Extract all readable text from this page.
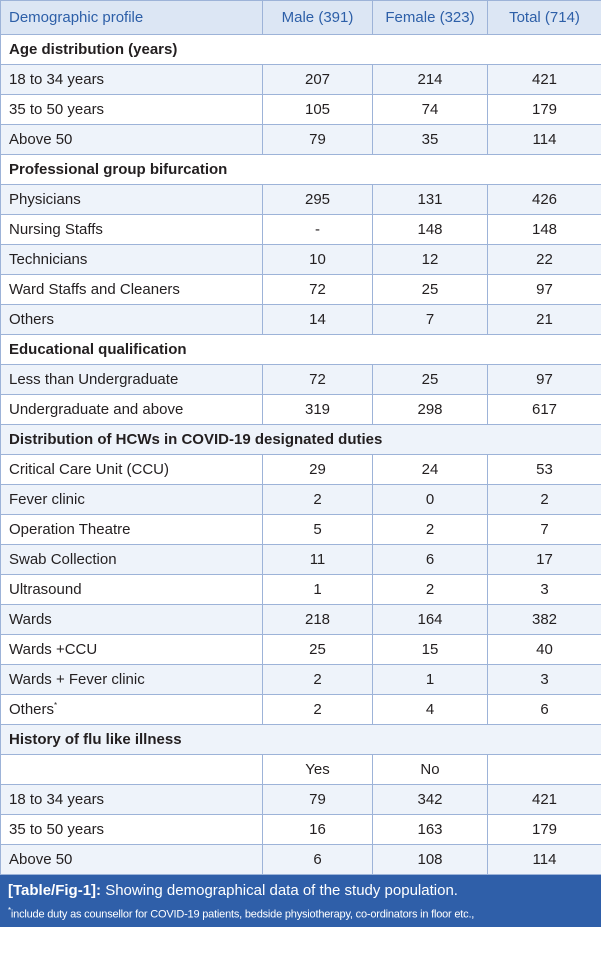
Demographic profile	Male (391)	Female (323)	Total (714)
Age distribution (years)			
18 to 34 years	207	214	421
35 to 50 years	105	74	179
Above 50	79	35	114
Professional group bifurcation			
Physicians	295	131	426
Nursing Staffs	-	148	148
Technicians	10	12	22
Ward Staffs and Cleaners	72	25	97
Others	14	7	21
Educational qualification			
Less than Undergraduate	72	25	97
Undergraduate and above	319	298	617
Distribution of HCWs in COVID-19 designated duties			
Critical Care Unit (CCU)	29	24	53
Fever clinic	2	0	2
Operation Theatre	5	2	7
Swab Collection	11	6	17
Ultrasound	1	2	3
Wards	218	164	382
Wards +CCU	25	15	40
Wards + Fever clinic	2	1	3
Others*	2	4	6
History of flu like illness			
	Yes	No	
18 to 34 years	79	342	421
35 to 50 years	16	163	179
Above 50	6	108	114
[Table/Fig-1]: Showing demographical data of the study population.
*include duty as counsellor for COVID-19 patients, bedside physiotherapy, co-ordinators in floor etc.,
